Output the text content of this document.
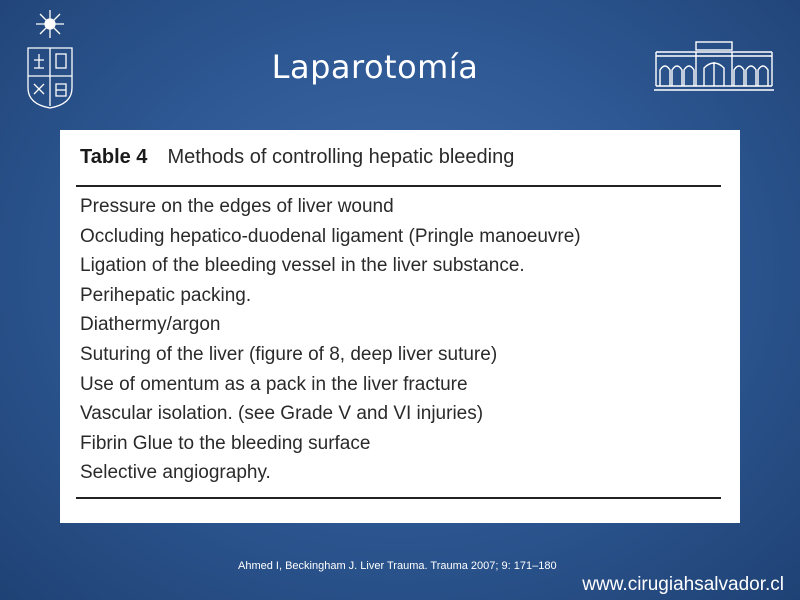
Laparotomía
Table 4 Methods of controlling hepatic bleeding
Pressure on the edges of liver wound
Occluding hepatico-duodenal ligament (Pringle manoeuvre)
Ligation of the bleeding vessel in the liver substance.
Perihepatic packing.
Diathermy/argon
Suturing of the liver (figure of 8, deep liver suture)
Use of omentum as a pack in the liver fracture
Vascular isolation. (see Grade V and VI injuries)
Fibrin Glue to the bleeding surface
Selective angiography.
Ahmed I, Beckingham J. Liver Trauma. Trauma 2007; 9: 171–180
www.cirugiahsalvador.cl
